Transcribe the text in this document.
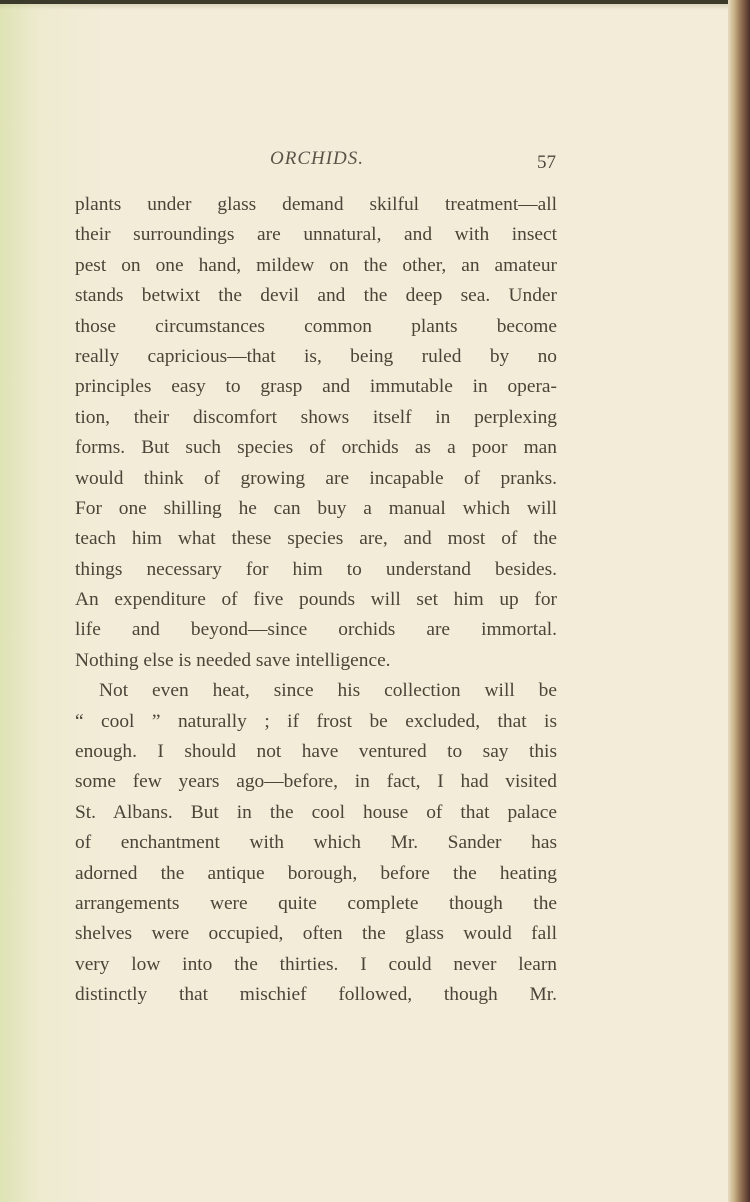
ORCHIDS.	57
plants under glass demand skilful treatment—all
their surroundings are unnatural, and with insect
pest on one hand, mildew on the other, an amateur
stands betwixt the devil and the deep sea. Under
those circumstances common plants become
really capricious—that is, being ruled by no
principles easy to grasp and immutable in opera-
tion, their discomfort shows itself in perplexing
forms. But such species of orchids as a poor man
would think of growing are incapable of pranks.
For one shilling he can buy a manual which will
teach him what these species are, and most of the
things necessary for him to understand besides.
An expenditure of five pounds will set him up for
life and beyond—since orchids are immortal.
Nothing else is needed save intelligence.
Not even heat, since his collection will be
“ cool ” naturally ; if frost be excluded, that is
enough. I should not have ventured to say this
some few years ago—before, in fact, I had visited
St. Albans. But in the cool house of that palace
of enchantment with which Mr. Sander has
adorned the antique borough, before the heating
arrangements were quite complete though the
shelves were occupied, often the glass would fall
very low into the thirties. I could never learn
distinctly that mischief followed, though Mr.
